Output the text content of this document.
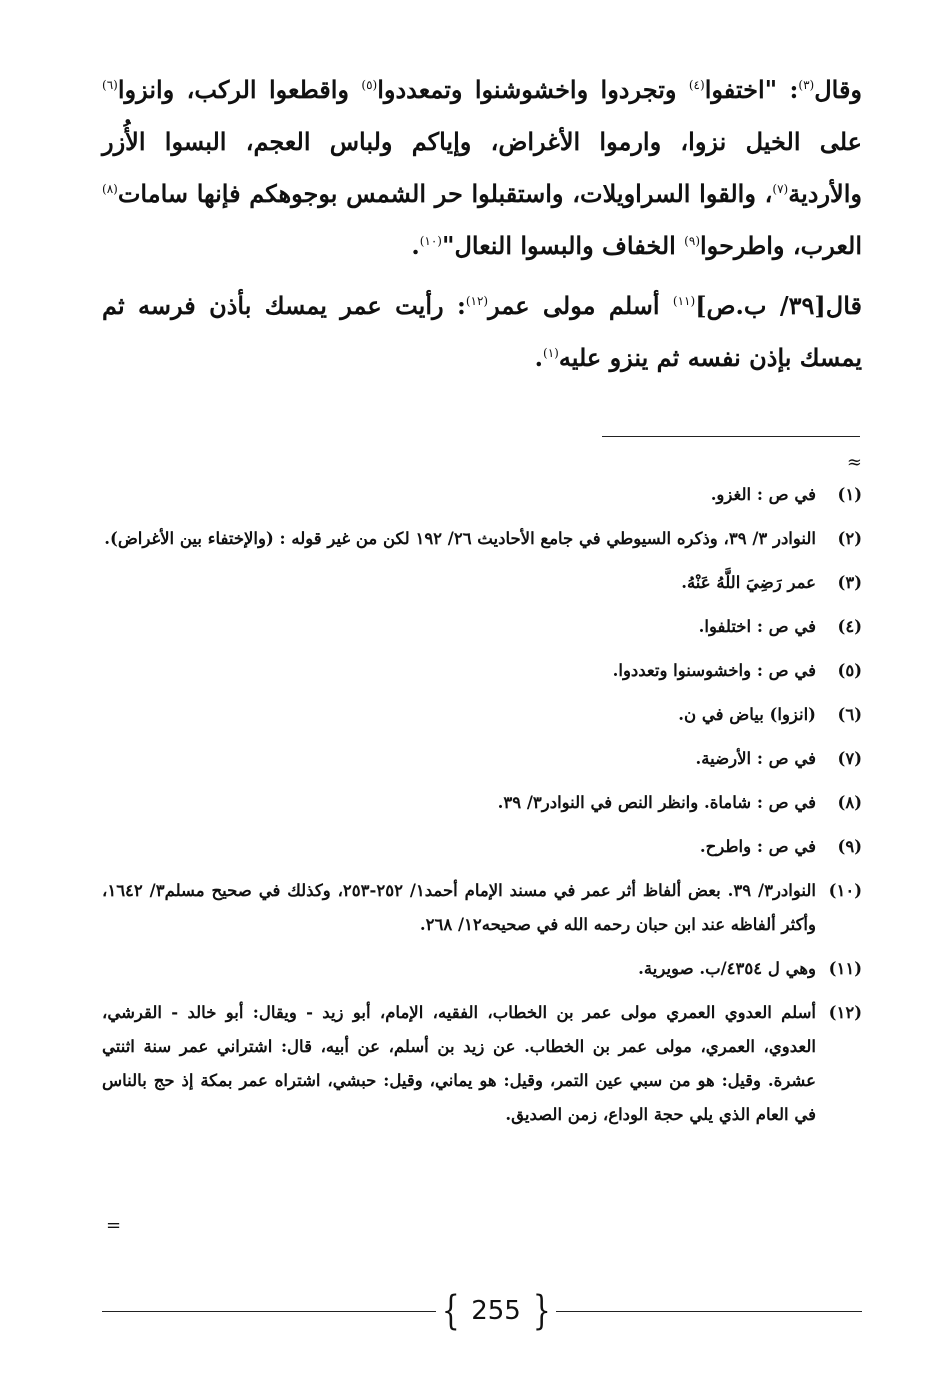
وقال$^{(٣)}$: "اختفوا$^{(٤)}$ وتجردوا واخشوشنوا وتمعددوا$^{(٥)}$ واقطعوا الركب، وانزوا$^{(٦)}$ على الخيل نزوا، وارموا الأغراض، وإياكم ولباس العجم، البسوا الأُزر والأردية$^{(٧)}$، والقوا السراويلات، واستقبلوا حر الشمس بوجوهكم فإنها سامات$^{(٨)}$ العرب، واطرحوا$^{(٩)}$ الخفاف والبسوا النعال"$^{(١٠)}$.

قال[٣٩/ ب.ص]$^{(١١)}$ أسلم مولى عمر$^{(١٢)}$: رأيت عمر يمسك بأذن فرسه ثم يمسك بإذن نفسه ثم ينزو عليه$^{(١)}$.

≈
(١)
في ص : الغزو.
(٢)
النوادر ٣/ ٣٩، وذكره السيوطي في جامع الأحاديث ٢٦/ ١٩٢ لكن من غير قوله : (والإختفاء بين الأغراض).
(٣)
عمر رَضِيَ اللَّهُ عَنْهُ.
(٤)
في ص : اختلفوا.
(٥)
في ص : واخشوسنوا وتعددوا.
(٦)
(انزوا) بياض في ن.
(٧)
في ص : الأرضية.
(٨)
في ص : شاماة. وانظر النص في النوادر٣/ ٣٩.
(٩)
في ص : واطرح.
(١٠)
النوادر٣/ ٣٩. بعض ألفاظ أثر عمر في مسند الإمام أحمد١/ ٢٥٢-٢٥٣، وكذلك في صحيح مسلم٣/ ١٦٤٢، وأكثر ألفاظه عند ابن حبان رحمه الله في صحيحه١٢/ ٢٦٨.
(١١)
وهي ل ٤٣٥٤/ب. صويرية.
(١٢)
أسلم العدوي العمري مولى عمر بن الخطاب، الفقيه، الإمام، أبو زيد - ويقال: أبو خالد - القرشي، العدوي، العمري، مولى عمر بن الخطاب. عن زيد بن أسلم، عن أبيه، قال: اشتراني عمر سنة اثنتي عشرة. وقيل: هو من سبي عين التمر، وقيل: هو يماني، وقيل: حبشي، اشتراه عمر بمكة إذ حج بالناس في العام الذي يلي حجة الوداع، زمن الصديق.
=
{ 255 }
